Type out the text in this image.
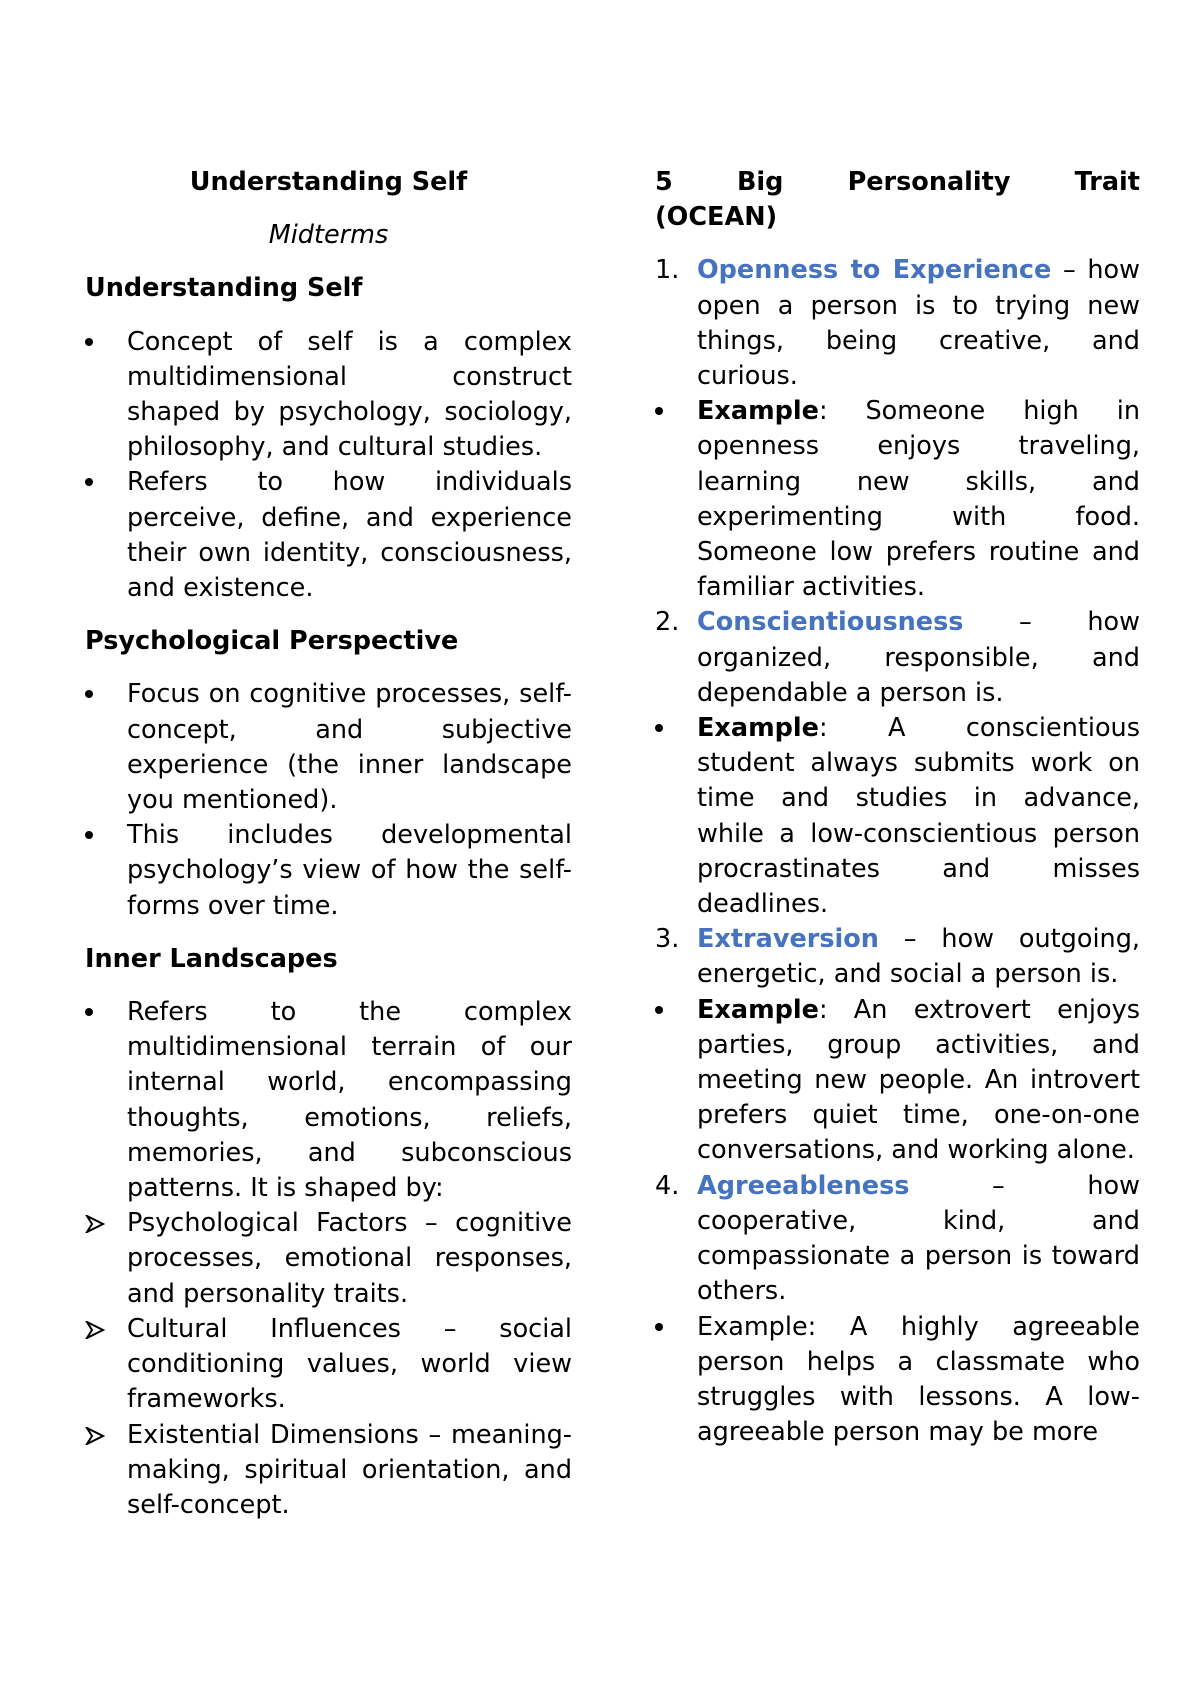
Understanding Self

Midterms

Understanding Self
Concept of self is a complex multidimensional construct shaped by psychology, sociology, philosophy, and cultural studies.
Refers to how individuals perceive, define, and experience their own identity, consciousness, and existence.
Psychological Perspective
Focus on cognitive processes, self-concept, and subjective experience (the inner landscape you mentioned).
This includes developmental psychology’s view of how the self-forms over time.
Inner Landscapes
Refers to the complex multidimensional terrain of our internal world, encompassing thoughts, emotions, reliefs, memories, and subconscious patterns. It is shaped by:
Psychological Factors – cognitive processes, emotional responses, and personality traits.
Cultural Influences – social conditioning values, world view frameworks.
Existential Dimensions – meaning-making, spiritual orientation, and self-concept.
5	Big	Personality	Trait
(OCEAN)
1. Openness to Experience – how open a person is to trying new things, being creative, and curious.
Example: Someone high in openness enjoys traveling, learning new skills, and experimenting with food. Someone low prefers routine and familiar activities.
2. Conscientiousness – how organized, responsible, and dependable a person is.
Example: A conscientious student always submits work on time and studies in advance, while a low-conscientious person procrastinates and misses deadlines.
3. Extraversion – how outgoing, energetic, and social a person is.
Example: An extrovert enjoys parties, group activities, and meeting new people. An introvert prefers quiet time, one-on-one conversations, and working alone.
4. Agreeableness – how cooperative, kind, and compassionate a person is toward others.
Example: A highly agreeable person helps a classmate who struggles with lessons. A low-agreeable person may be more
